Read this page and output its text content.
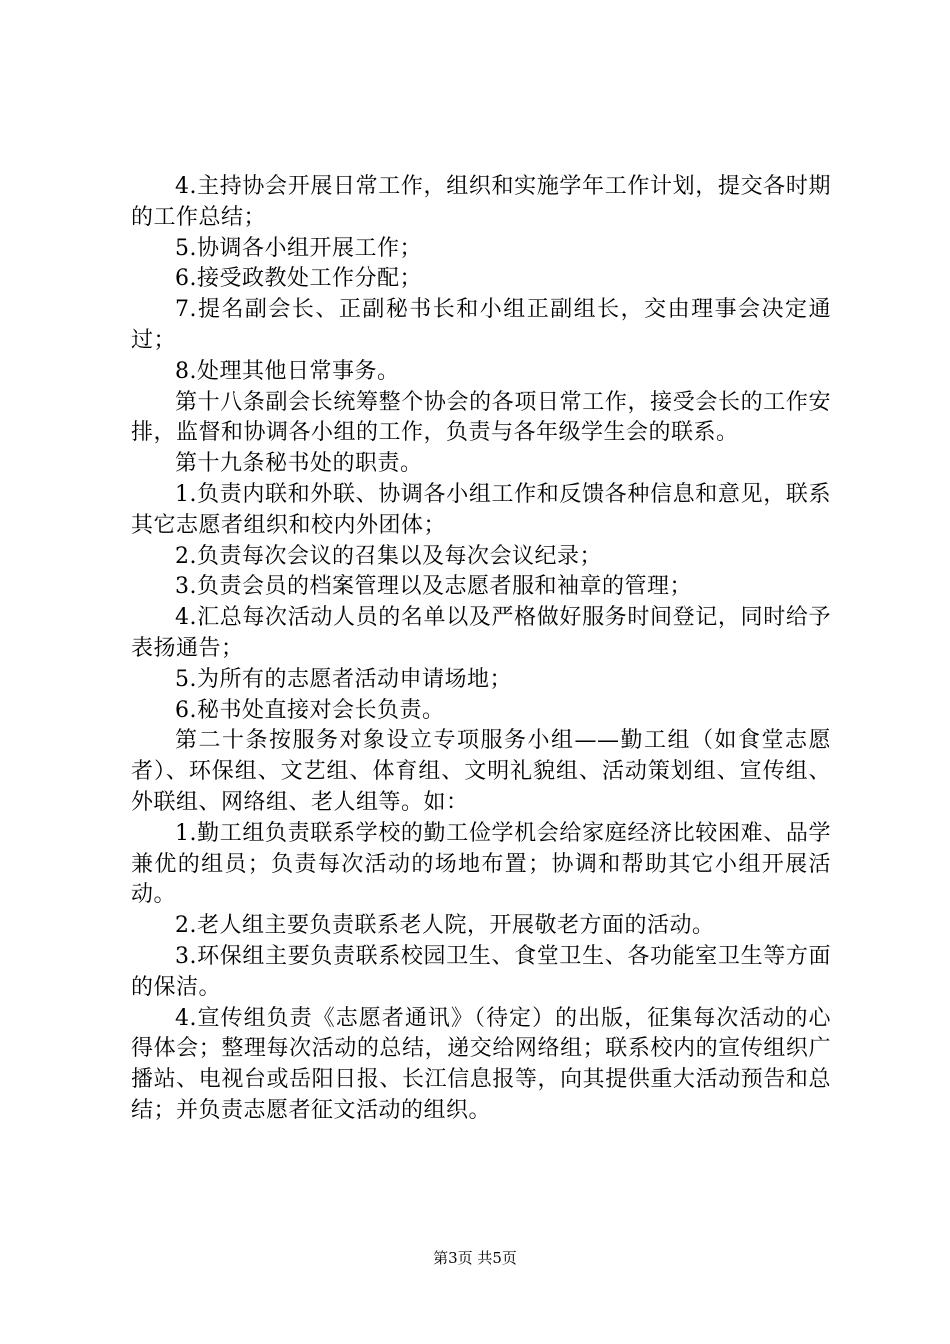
4.主持协会开展日常工作，组织和实施学年工作计划，提交各时期的工作总结；

5.协调各小组开展工作；

6.接受政教处工作分配；

7.提名副会长、正副秘书长和小组正副组长，交由理事会决定通过；

8.处理其他日常事务。

第十八条副会长统筹整个协会的各项日常工作，接受会长的工作安排，监督和协调各小组的工作，负责与各年级学生会的联系。

第十九条秘书处的职责。

1.负责内联和外联、协调各小组工作和反馈各种信息和意见，联系其它志愿者组织和校内外团体；

2.负责每次会议的召集以及每次会议纪录；

3.负责会员的档案管理以及志愿者服和袖章的管理；

4.汇总每次活动人员的名单以及严格做好服务时间登记，同时给予表扬通告；

5.为所有的志愿者活动申请场地；

6.秘书处直接对会长负责。

第二十条按服务对象设立专项服务小组——勤工组（如食堂志愿者）、环保组、文艺组、体育组、文明礼貌组、活动策划组、宣传组、外联组、网络组、老人组等。如：

1.勤工组负责联系学校的勤工俭学机会给家庭经济比较困难、品学兼优的组员；负责每次活动的场地布置；协调和帮助其它小组开展活动。

2.老人组主要负责联系老人院，开展敬老方面的活动。

3.环保组主要负责联系校园卫生、食堂卫生、各功能室卫生等方面的保洁。

4.宣传组负责《志愿者通讯》（待定）的出版，征集每次活动的心得体会；整理每次活动的总结，递交给网络组；联系校内的宣传组织广播站、电视台或岳阳日报、长江信息报等，向其提供重大活动预告和总结；并负责志愿者征文活动的组织。

第3页 共5页
